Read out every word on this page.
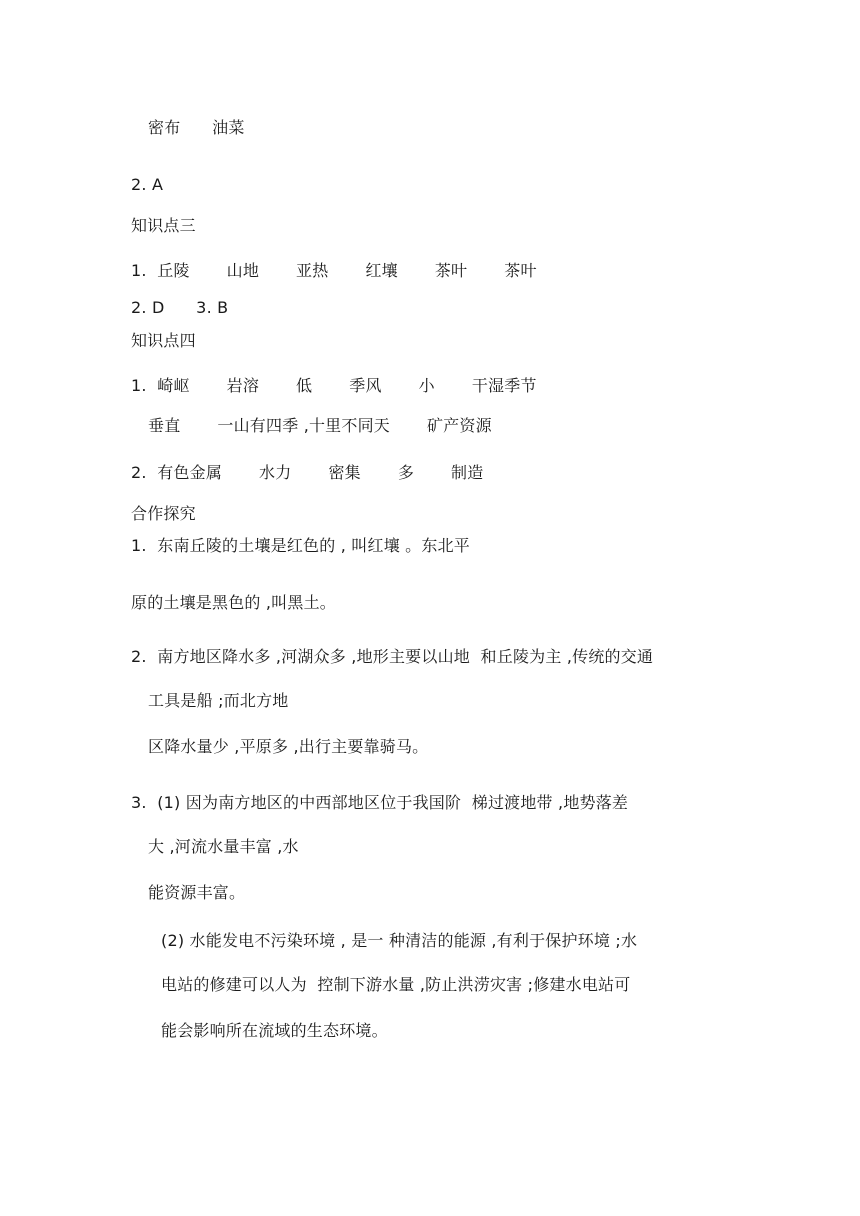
密布      油菜
2. A
知识点三
1.  丘陵       山地       亚热       红壤       茶叶       茶叶
2. D      3. B
知识点四
1.  崎岖       岩溶       低       季风       小       干湿季节
垂直       一山有四季 ,十里不同天       矿产资源
2.  有色金属       水力       密集       多       制造
合作探究
1.  东南丘陵的土壤是红色的 , 叫红壤 。东北平
原的土壤是黑色的 ,叫黑土。
2.  南方地区降水多 ,河湖众多 ,地形主要以山地  和丘陵为主 ,传统的交通
工具是船 ;而北方地
区降水量少 ,平原多 ,出行主要靠骑马。
3.  (1) 因为南方地区的中西部地区位于我国阶  梯过渡地带 ,地势落差
大 ,河流水量丰富 ,水
能资源丰富。
(2) 水能发电不污染环境 , 是一 种清洁的能源 ,有利于保护环境 ;水
电站的修建可以人为  控制下游水量 ,防止洪涝灾害 ;修建水电站可
能会影响所在流域的生态环境。
